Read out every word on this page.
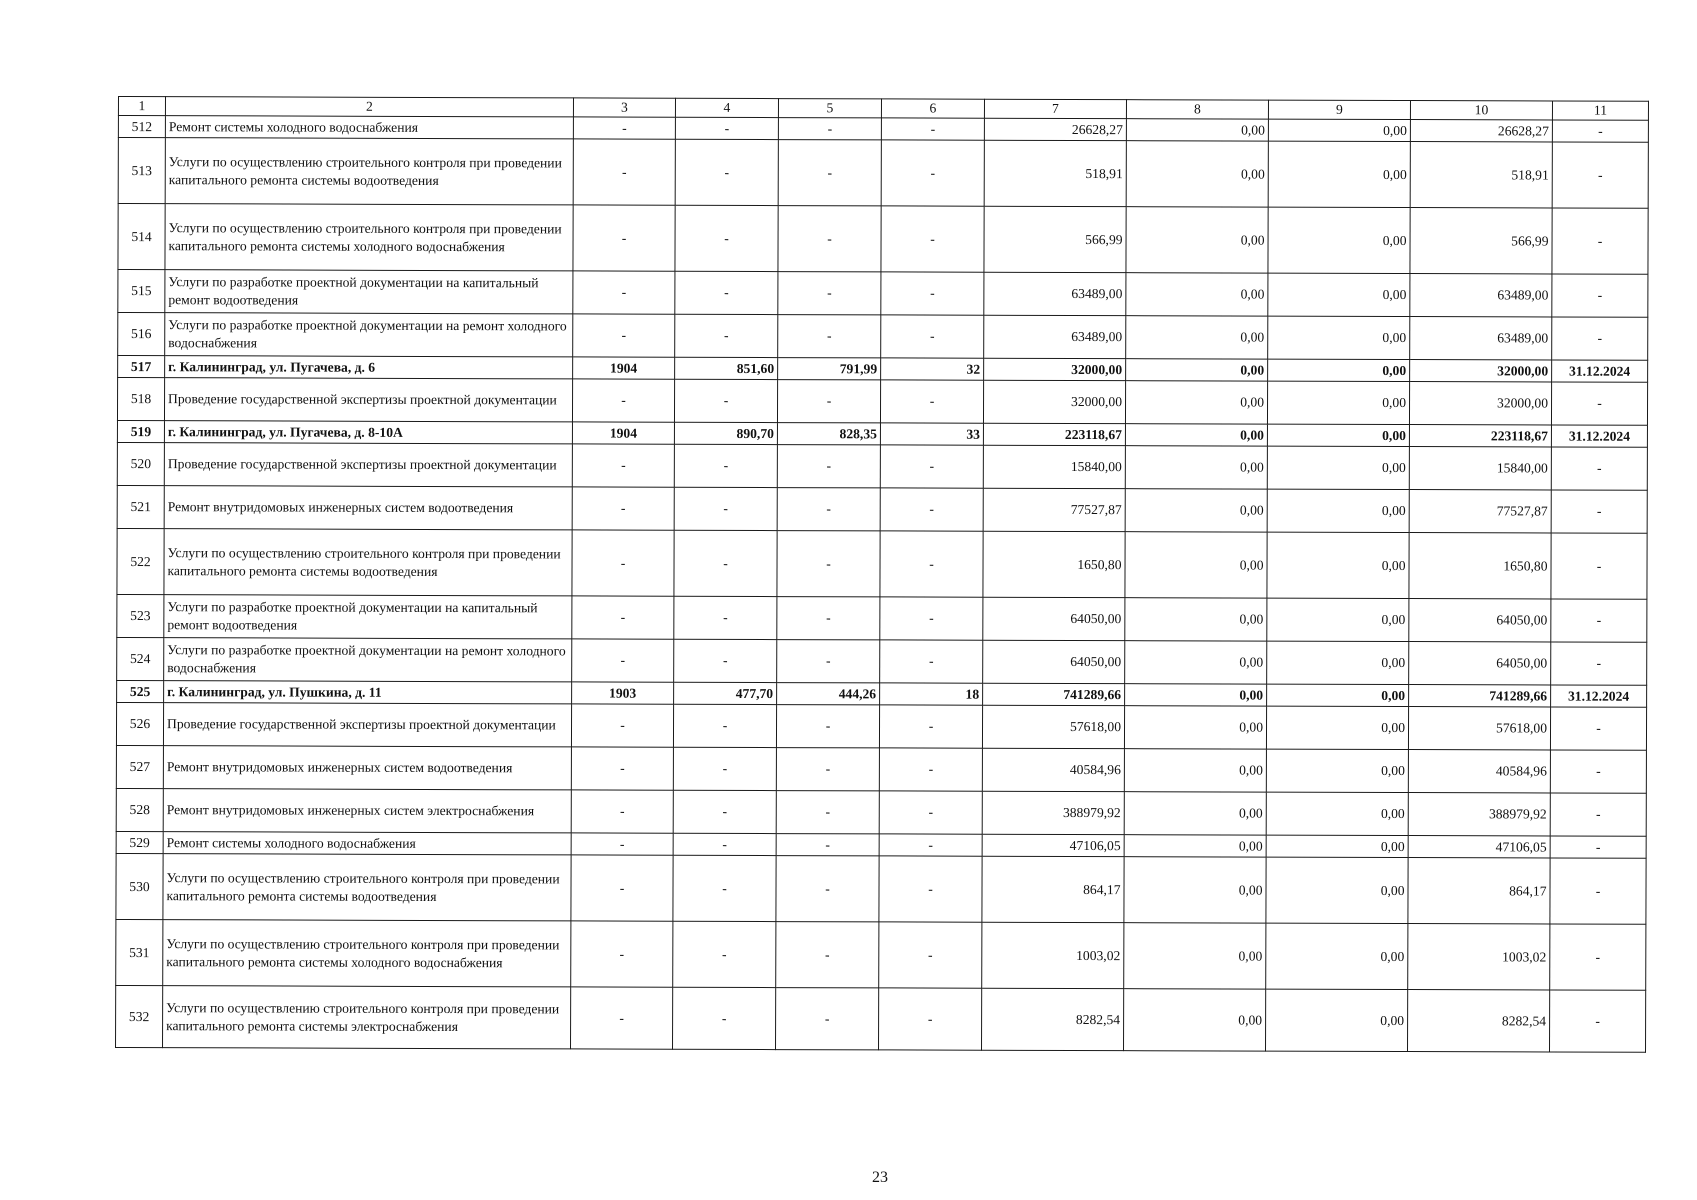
1	2	3	4	5	6	7	8	9	10	11
512	Ремонт системы холодного водоснабжения	-	-	-	-	26628,27	0,00	0,00	26628,27	-
513	Услуги по осуществлению строительного контроля при проведении капитального ремонта системы водоотведения	-	-	-	-	518,91	0,00	0,00	518,91	-
514	Услуги по осуществлению строительного контроля при проведении капитального ремонта системы холодного водоснабжения	-	-	-	-	566,99	0,00	0,00	566,99	-
515	Услуги по разработке проектной документации на капитальный ремонт водоотведения	-	-	-	-	63489,00	0,00	0,00	63489,00	-
516	Услуги по разработке проектной документации на ремонт холодного водоснабжения	-	-	-	-	63489,00	0,00	0,00	63489,00	-
517	г. Калининград, ул. Пугачева, д. 6	1904	851,60	791,99	32	32000,00	0,00	0,00	32000,00	31.12.2024
518	Проведение государственной экспертизы проектной документации	-	-	-	-	32000,00	0,00	0,00	32000,00	-
519	г. Калининград, ул. Пугачева, д. 8-10А	1904	890,70	828,35	33	223118,67	0,00	0,00	223118,67	31.12.2024
520	Проведение государственной экспертизы проектной документации	-	-	-	-	15840,00	0,00	0,00	15840,00	-
521	Ремонт внутридомовых инженерных систем водоотведения	-	-	-	-	77527,87	0,00	0,00	77527,87	-
522	Услуги по осуществлению строительного контроля при проведении капитального ремонта системы водоотведения	-	-	-	-	1650,80	0,00	0,00	1650,80	-
523	Услуги по разработке проектной документации на капитальный ремонт водоотведения	-	-	-	-	64050,00	0,00	0,00	64050,00	-
524	Услуги по разработке проектной документации на ремонт холодного водоснабжения	-	-	-	-	64050,00	0,00	0,00	64050,00	-
525	г. Калининград, ул. Пушкина, д. 11	1903	477,70	444,26	18	741289,66	0,00	0,00	741289,66	31.12.2024
526	Проведение государственной экспертизы проектной документации	-	-	-	-	57618,00	0,00	0,00	57618,00	-
527	Ремонт внутридомовых инженерных систем водоотведения	-	-	-	-	40584,96	0,00	0,00	40584,96	-
528	Ремонт внутридомовых инженерных систем электроснабжения	-	-	-	-	388979,92	0,00	0,00	388979,92	-
529	Ремонт системы холодного водоснабжения	-	-	-	-	47106,05	0,00	0,00	47106,05	-
530	Услуги по осуществлению строительного контроля при проведении капитального ремонта системы водоотведения	-	-	-	-	864,17	0,00	0,00	864,17	-
531	Услуги по осуществлению строительного контроля при проведении капитального ремонта системы холодного водоснабжения	-	-	-	-	1003,02	0,00	0,00	1003,02	-
532	Услуги по осуществлению строительного контроля при проведении капитального ремонта системы электроснабжения	-	-	-	-	8282,54	0,00	0,00	8282,54	-
23
